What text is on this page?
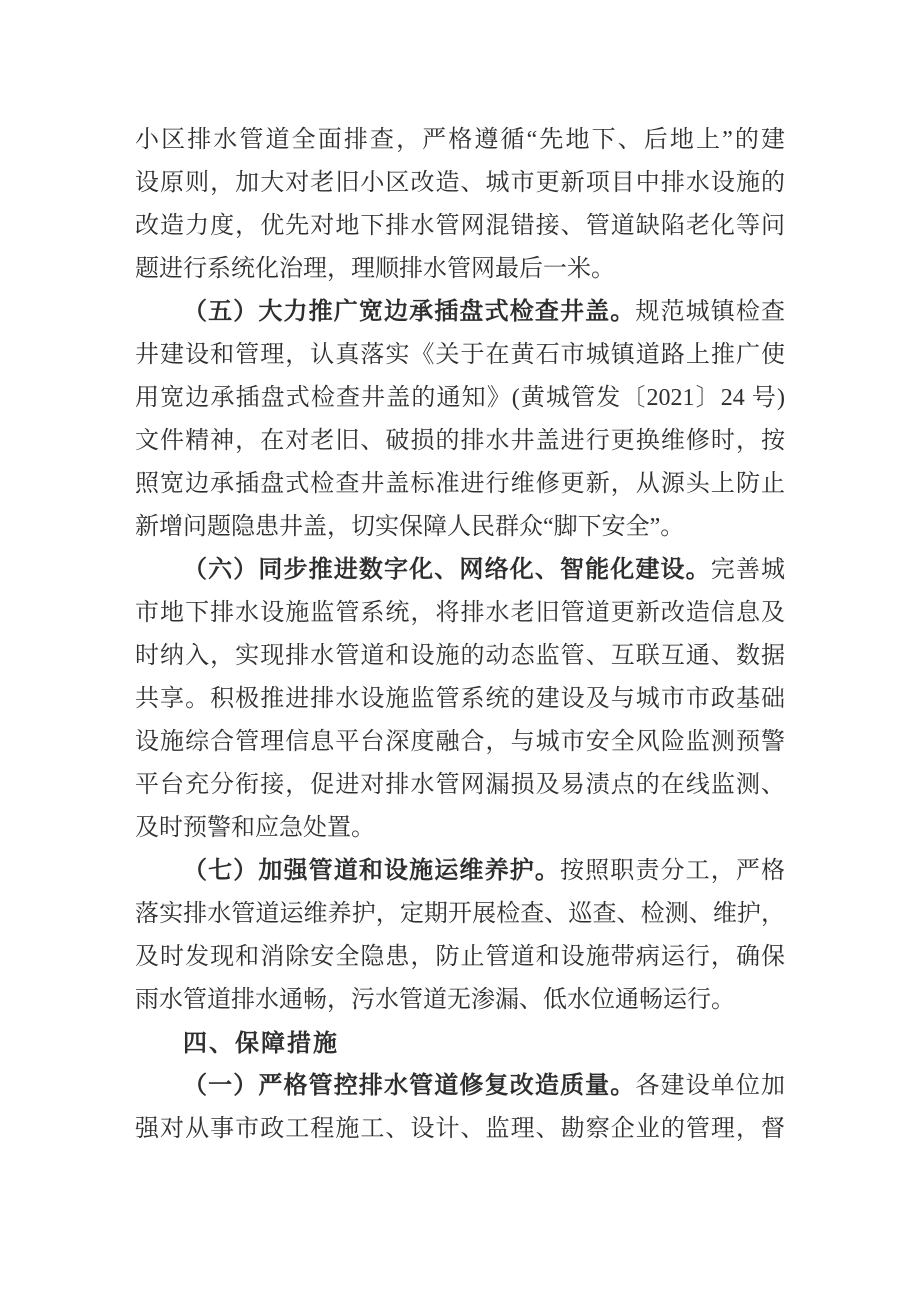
小区排水管道全面排查，严格遵循“先地下、后地上”的建

设原则，加大对老旧小区改造、城市更新项目中排水设施的

改造力度，优先对地下排水管网混错接、管道缺陷老化等问

题进行系统化治理，理顺排水管网最后一米。

（五）大力推广宽边承插盘式检查井盖。规范城镇检查

井建设和管理，认真落实《关于在黄石市城镇道路上推广使

用宽边承插盘式检查井盖的通知》(黄城管发〔2021〕24 号)

文件精神，在对老旧、破损的排水井盖进行更换维修时，按

照宽边承插盘式检查井盖标准进行维修更新，从源头上防止

新增问题隐患井盖，切实保障人民群众“脚下安全”。

（六）同步推进数字化、网络化、智能化建设。完善城

市地下排水设施监管系统，将排水老旧管道更新改造信息及

时纳入，实现排水管道和设施的动态监管、互联互通、数据

共享。积极推进排水设施监管系统的建设及与城市市政基础

设施综合管理信息平台深度融合，与城市安全风险监测预警

平台充分衔接，促进对排水管网漏损及易渍点的在线监测、

及时预警和应急处置。

（七）加强管道和设施运维养护。按照职责分工，严格

落实排水管道运维养护，定期开展检查、巡查、检测、维护，

及时发现和消除安全隐患，防止管道和设施带病运行，确保

雨水管道排水通畅，污水管道无渗漏、低水位通畅运行。

四、保障措施

（一）严格管控排水管道修复改造质量。各建设单位加

强对从事市政工程施工、设计、监理、勘察企业的管理，督
